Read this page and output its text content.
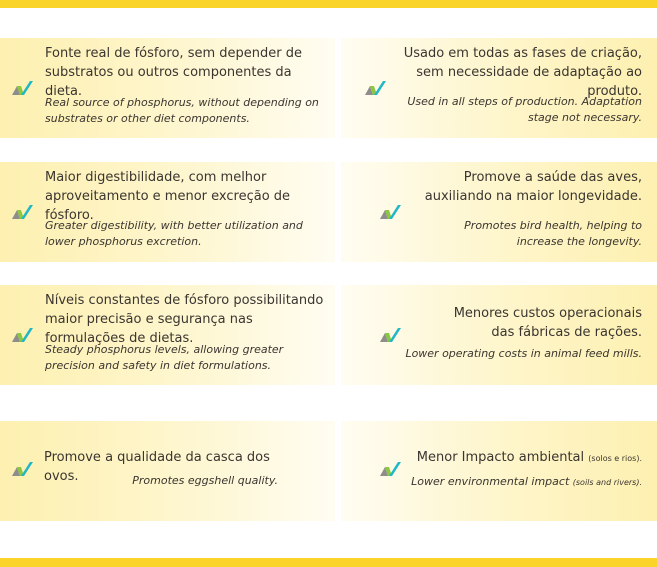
Fonte real de fósforo, sem depender de substratos ou outros componentes da dieta.
Real source of phosphorus, without depending on substrates or other diet components.
Usado em todas as fases de criação, sem necessidade de adaptação ao produto.
Used in all steps of production. Adaptation stage not necessary.
Maior digestibilidade, com melhor aproveitamento e menor excreção de fósforo.
Greater digestibility, with better utilization and lower phosphorus excretion.
Promove a saúde das aves, auxiliando na maior longevidade.
Promotes bird health, helping to increase the longevity.
Níveis constantes de fósforo possibilitando maior precisão e segurança nas formulações de dietas.
Steady phosphorus levels, allowing greater precision and safety in diet formulations.
Menores custos operacionais das fábricas de rações.
Lower operating costs in animal feed mills.
Promove a qualidade da casca dos ovos.	Promotes eggshell quality.
Menor Impacto ambiental (solos e rios).
Lower environmental impact (soils and rivers).
